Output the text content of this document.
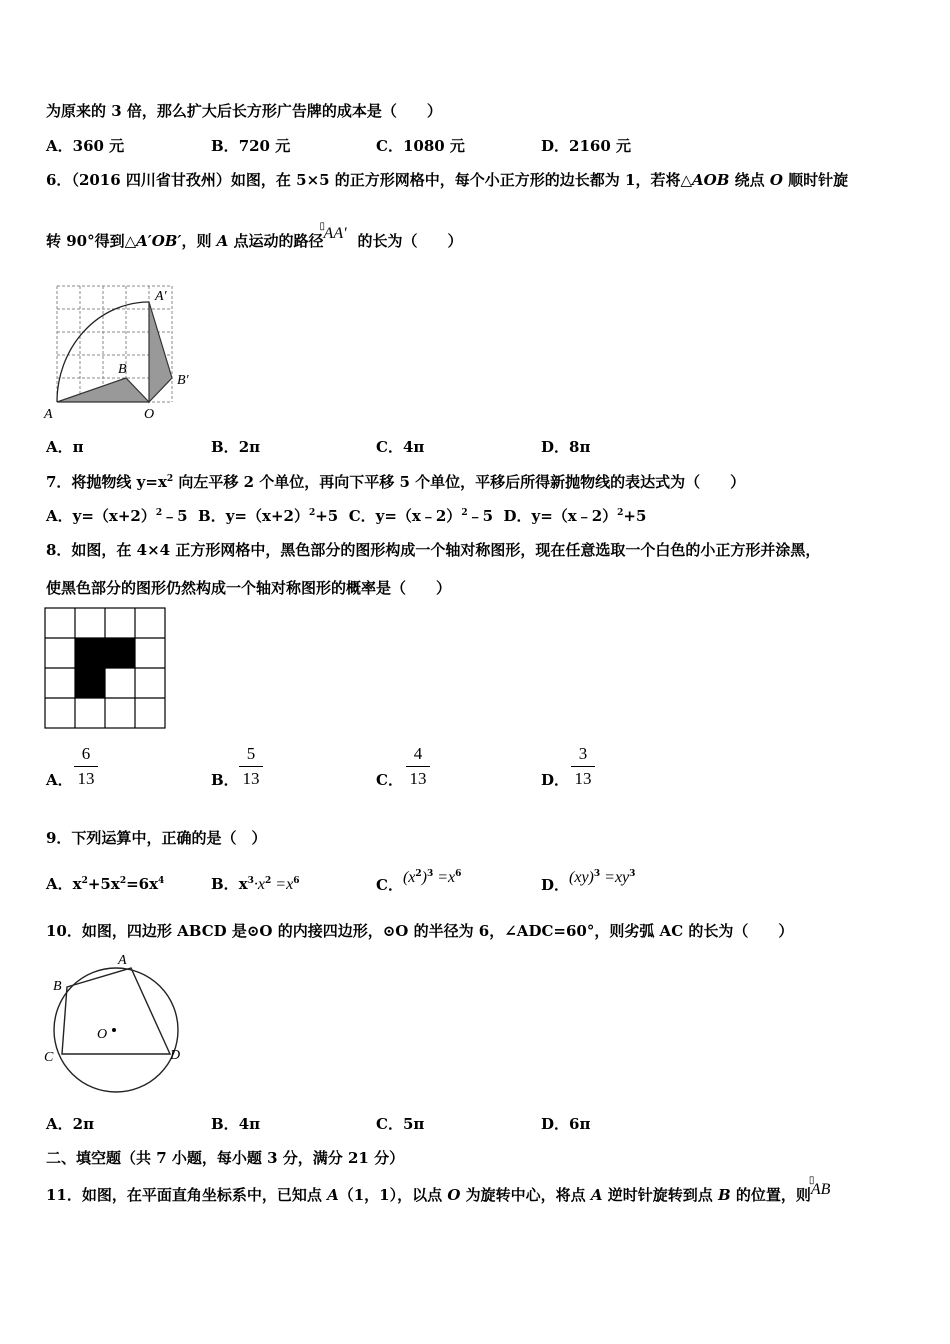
为原来的 3 倍，那么扩大后长方形广告牌的成本是（　　）
A．360 元	B．720 元	C．1080 元	D．2160 元
6．（2016 四川省甘孜州）如图，在 5×5 的正方形网格中，每个小正方形的边长都为 1，若将△AOB 绕点 O 顺时针旋
转 90°得到△A′OB′，则 A 点运动的路径
▯
AA' 的长为（　　）
A	O
B
A′
B′
A．π	B．2π	C．4π	D．8π
7．将抛物线 $y=x^2$ 向左平移 2 个单位，再向下平移 5 个单位，平移后所得新抛物线的表达式为（　　）
A．$y=(x+2)^2﹣5$ B．$y=(x+2)^2+5$ C．y=（x﹣2）$^2$﹣5 D．y=（x﹣2）$^2$+5
8．如图，在 4×4 正方形网格中，黑色部分的图形构成一个轴对称图形，现在任意选取一个白色的小正方形并涂黑，
使黑色部分的图形仍然构成一个轴对称图形的概率是（　　）
A．
6
13	B．
5
13	C．
4
13	D．
3
13
9．下列运算中，正确的是（　）
A．$x^2+5x^2=6x^4$	B．$x^3\cdot x^2 =x^6$	C．$(x^2)^3 =x^6$
D．$(xy)^3 =xy^3$
10．如图，四边形 ABCD 是⊙O 的内接四边形，⊙O 的半径为 6，∠ADC=60°，则劣弧 AC 的长为（　　）
A
B
C	D
O
A．2π	B．4π	C．5π	D．6π
二、填空题（共 7 小题，每小题 3 分，满分 21 分）
11．如图，在平面直角坐标系中，已知点 A（1，1），以点 O 为旋转中心，将点 A 逆时针旋转到点 B 的位置，则
▯
AB
